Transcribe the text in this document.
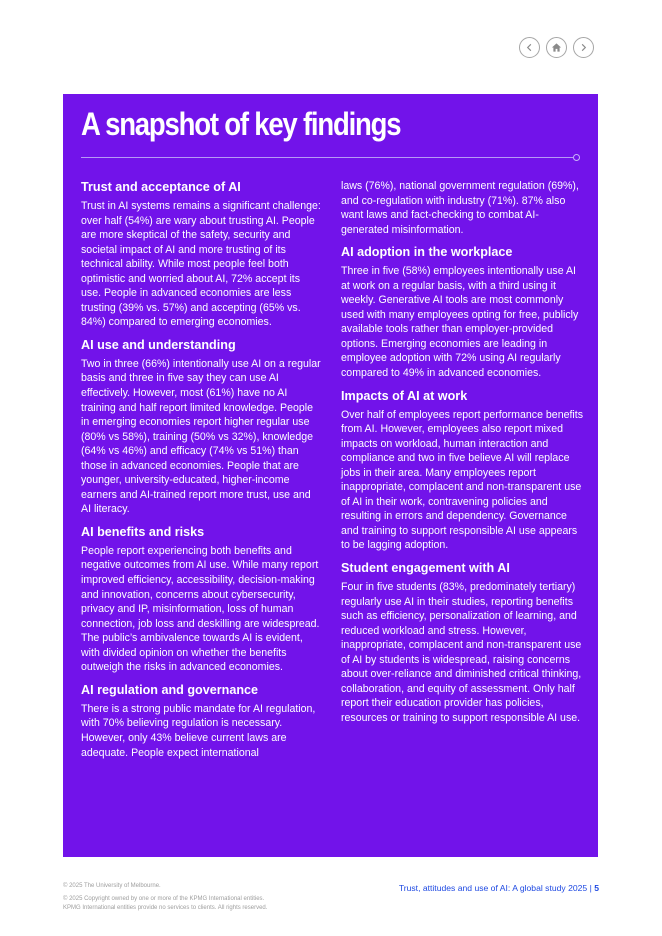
A snapshot of key findings
Trust and acceptance of AI

Trust in AI systems remains a significant challenge: over half (54%) are wary about trusting AI. People are more skeptical of the safety, security and societal impact of AI and more trusting of its technical ability. While most people feel both optimistic and worried about AI, 72% accept its use. People in advanced economies are less trusting (39% vs. 57%) and accepting (65% vs. 84%) compared to emerging economies.

AI use and understanding

Two in three (66%) intentionally use AI on a regular basis and three in five say they can use AI effectively. However, most (61%) have no AI training and half report limited knowledge. People in emerging economies report higher regular use (80% vs 58%), training (50% vs 32%), knowledge (64% vs 46%) and efficacy (74% vs 51%) than those in advanced economies. People that are younger, university-educated, higher-income earners and AI-trained report more trust, use and AI literacy.

AI benefits and risks

People report experiencing both benefits and negative outcomes from AI use. While many report improved efficiency, accessibility, decision-making and innovation, concerns about cybersecurity, privacy and IP, misinformation, loss of human connection, job loss and deskilling are widespread. The public’s ambivalence towards AI is evident, with divided opinion on whether the benefits outweigh the risks in advanced economies.

AI regulation and governance

There is a strong public mandate for AI regulation, with 70% believing regulation is necessary. However, only 43% believe current laws are adequate. People expect international

laws (76%), national government regulation (69%), and co-regulation with industry (71%). 87% also want laws and fact-checking to combat AI-generated misinformation.

AI adoption in the workplace

Three in five (58%) employees intentionally use AI at work on a regular basis, with a third using it weekly. Generative AI tools are most commonly used with many employees opting for free, publicly available tools rather than employer-provided options. Emerging economies are leading in employee adoption with 72% using AI regularly compared to 49% in advanced economies.

Impacts of AI at work

Over half of employees report performance benefits from AI. However, employees also report mixed impacts on workload, human interaction and compliance and two in five believe AI will replace jobs in their area. Many employees report inappropriate, complacent and non-transparent use of AI in their work, contravening policies and resulting in errors and dependency. Governance and training to support responsible AI use appears to be lagging adoption.

Student engagement with AI

Four in five students (83%, predominately tertiary) regularly use AI in their studies, reporting benefits such as efficiency, personalization of learning, and reduced workload and stress. However, inappropriate, complacent and non-transparent use of AI by students is widespread, raising concerns about over-reliance and diminished critical thinking, collaboration, and equity of assessment. Only half report their education provider has policies, resources or training to support responsible AI use.

© 2025 The University of Melbourne.
© 2025 Copyright owned by one or more of the KPMG International entities.
KPMG International entities provide no services to clients. All rights reserved.
Trust, attitudes and use of AI: A global study 2025 | 5
